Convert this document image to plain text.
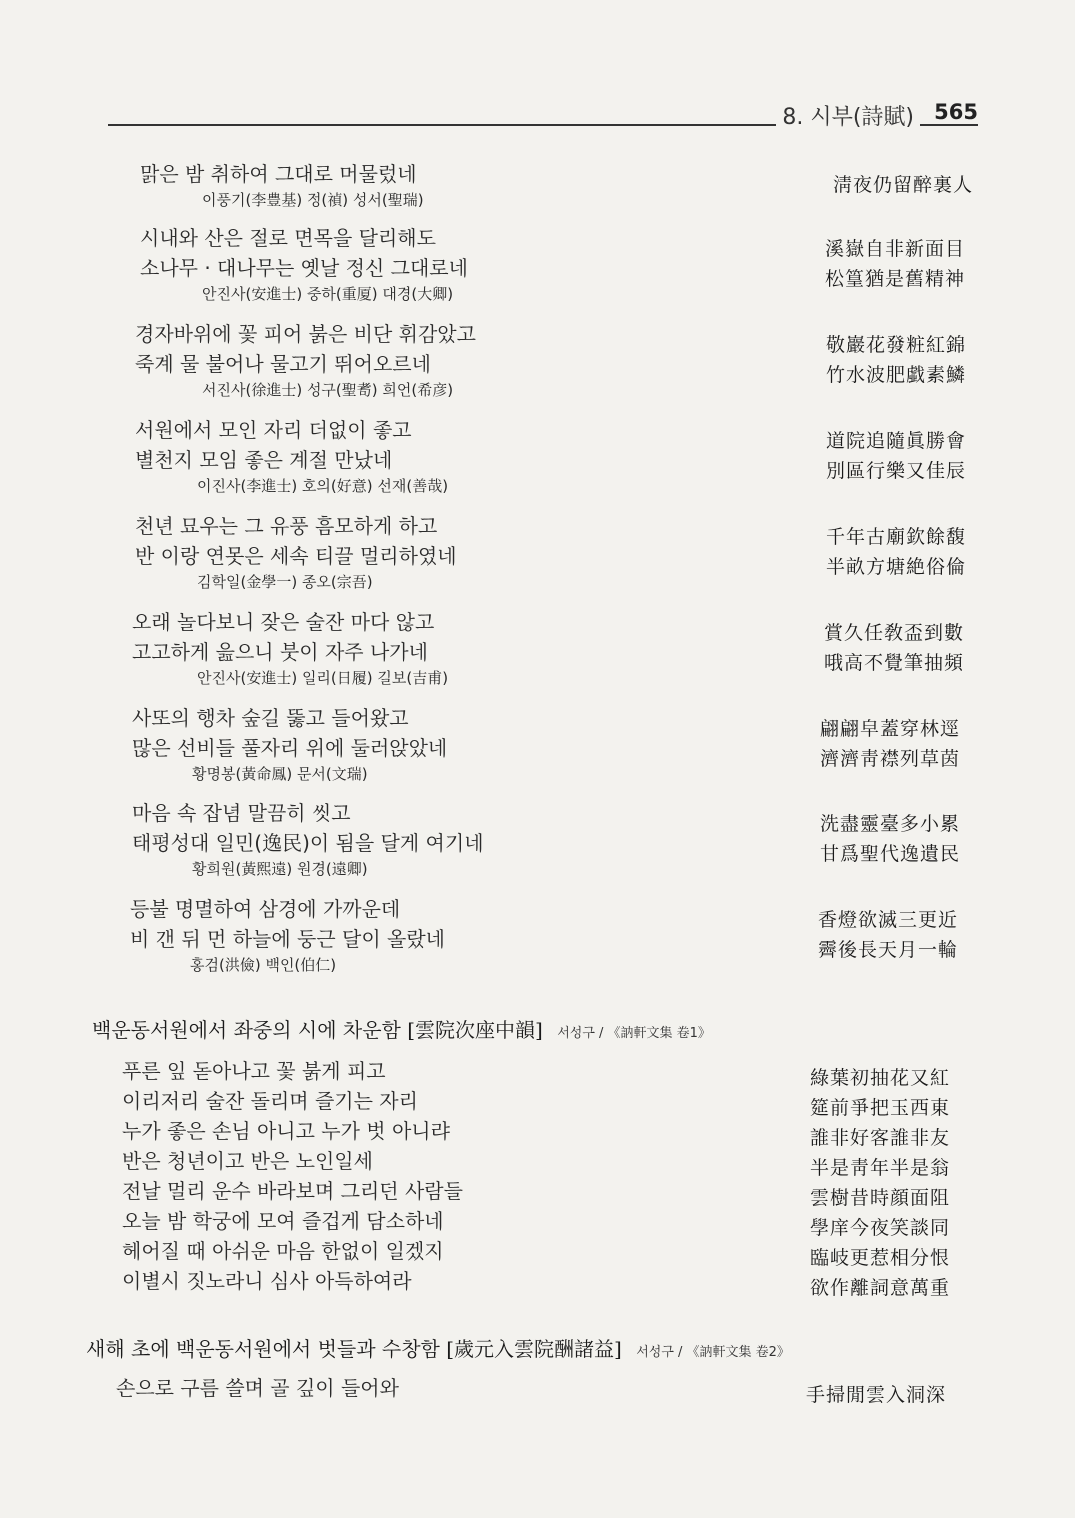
8. 시부(詩賦) 565
맑은 밤 취하여 그대로 머물렀네
이풍기(李豊基) 정(禎) 성서(聖瑞)
淸夜仍留醉裏人
시내와 산은 절로 면목을 달리해도
소나무 · 대나무는 옛날 정신 그대로네
안진사(安進士) 중하(重厦) 대경(大卿)
溪嶽自非新面目
松篁猶是舊精神
경자바위에 꽃 피어 붉은 비단 휘감았고
죽계 물 불어나 물고기 뛰어오르네
서진사(徐進士) 성구(聖耉) 희언(希彦)
敬巖花發粧紅錦
竹水波肥戱素鱗
서원에서 모인 자리 더없이 좋고
별천지 모임 좋은 계절 만났네
이진사(李進士) 호의(好意) 선재(善哉)
道院追隨眞勝會
別區行樂又佳辰
천년 묘우는 그 유풍 흠모하게 하고
반 이랑 연못은 세속 티끌 멀리하였네
김학일(金學一) 종오(宗吾)
千年古廟欽餘馥
半畝方塘絶俗倫
오래 놀다보니 잦은 술잔 마다 않고
고고하게 읊으니 붓이 자주 나가네
안진사(安進士) 일리(日履) 길보(吉甫)
賞久任敎盃到數
哦高不覺筆抽頻
사또의 행차 숲길 뚫고 들어왔고
많은 선비들 풀자리 위에 둘러앉았네
황명봉(黃命鳳) 문서(文瑞)
翩翩皁蓋穿林逕
濟濟靑襟列草茵
마음 속 잡념 말끔히 씻고
태평성대 일민(逸民)이 됨을 달게 여기네
황희원(黃熙遠) 원경(遠卿)
洗盡靈臺多小累
甘爲聖代逸遺民
등불 명멸하여 삼경에 가까운데
비 갠 뒤 먼 하늘에 둥근 달이 올랐네
홍검(洪儉) 백인(伯仁)
香燈欲滅三更近
霽後長天月一輪
백운동서원에서 좌중의 시에 차운함 [雲院次座中韻] 서성구 / 《訥軒文集 卷1》
푸른 잎 돋아나고 꽃 붉게 피고
이리저리 술잔 돌리며 즐기는 자리
누가 좋은 손님 아니고 누가 벗 아니랴
반은 청년이고 반은 노인일세
전날 멀리 운수 바라보며 그리던 사람들
오늘 밤 학궁에 모여 즐겁게 담소하네
헤어질 때 아쉬운 마음 한없이 일겠지
이별시 짓노라니 심사 아득하여라
綠葉初抽花又紅
筵前爭把玉西東
誰非好客誰非友
半是靑年半是翁
雲樹昔時顔面阻
學庠今夜笑談同
臨岐更惹相分恨
欲作離詞意萬重
새해 초에 백운동서원에서 벗들과 수창함 [歲元入雲院酬諸益] 서성구 / 《訥軒文集 卷2》
손으로 구름 쓸며 골 깊이 들어와	手掃閒雲入洞深
